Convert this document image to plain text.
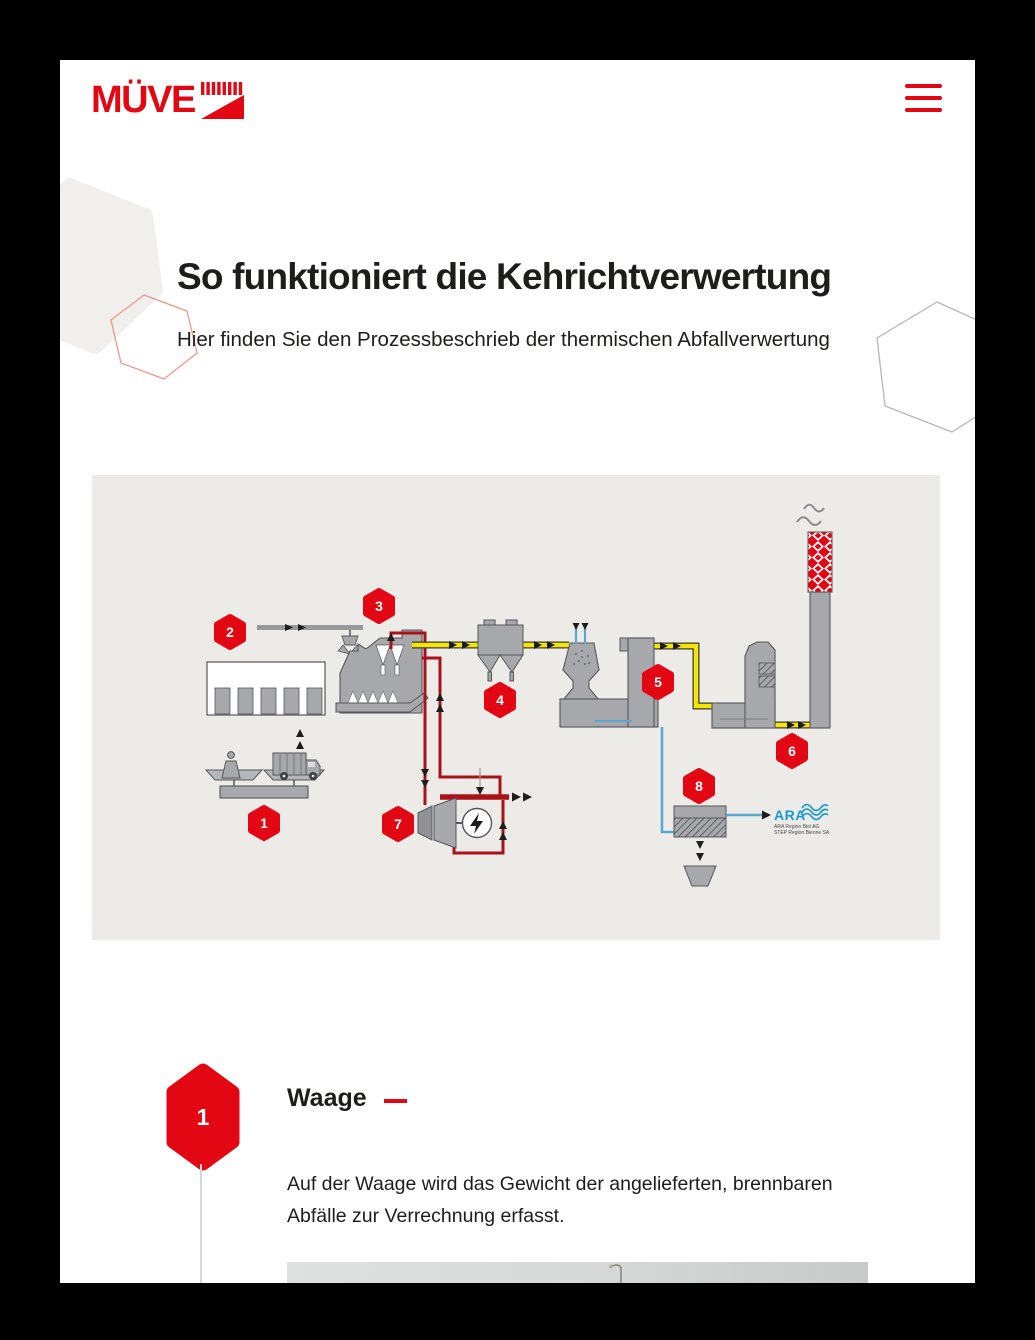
MÜVE
So funktioniert die Kehrichtverwertung
Hier finden Sie den Prozessbeschrieb der thermischen Abfallverwertung
ARA
ARA Region Biel AG
STEP Region Bienne SA
1
2
3
4
5
6
7
8
1
Waage

Auf der Waage wird das Gewicht der angelieferten, brennbaren Abfälle zur Verrechnung erfasst.
